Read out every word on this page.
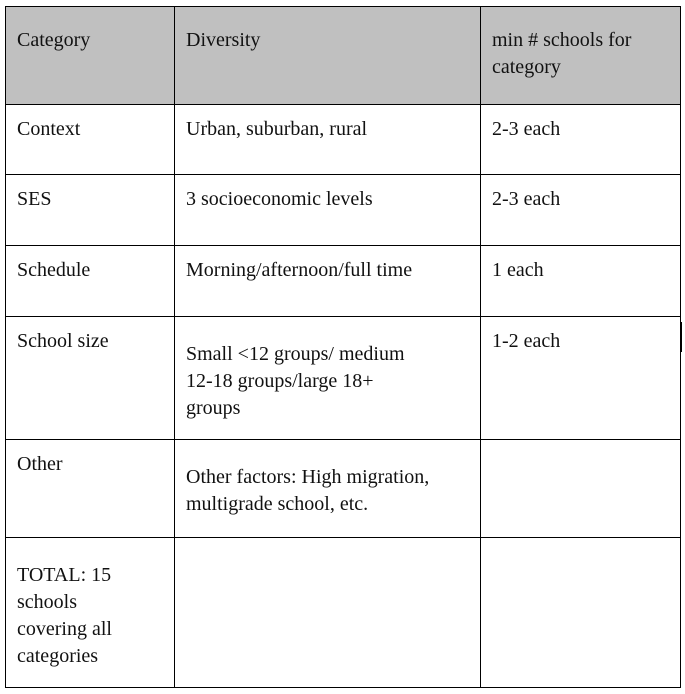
Category	Diversity	min # schools for
category
Context	Urban, suburban, rural	2-3 each
SES	3 socioeconomic levels	2-3 each
Schedule	Morning/afternoon/full time	1 each
School size	Small <12 groups/ medium
12-18 groups/large 18+
groups	1-2 each
Other	Other factors: High migration,
multigrade school, etc.	
TOTAL: 15
schools
covering all
categories		
